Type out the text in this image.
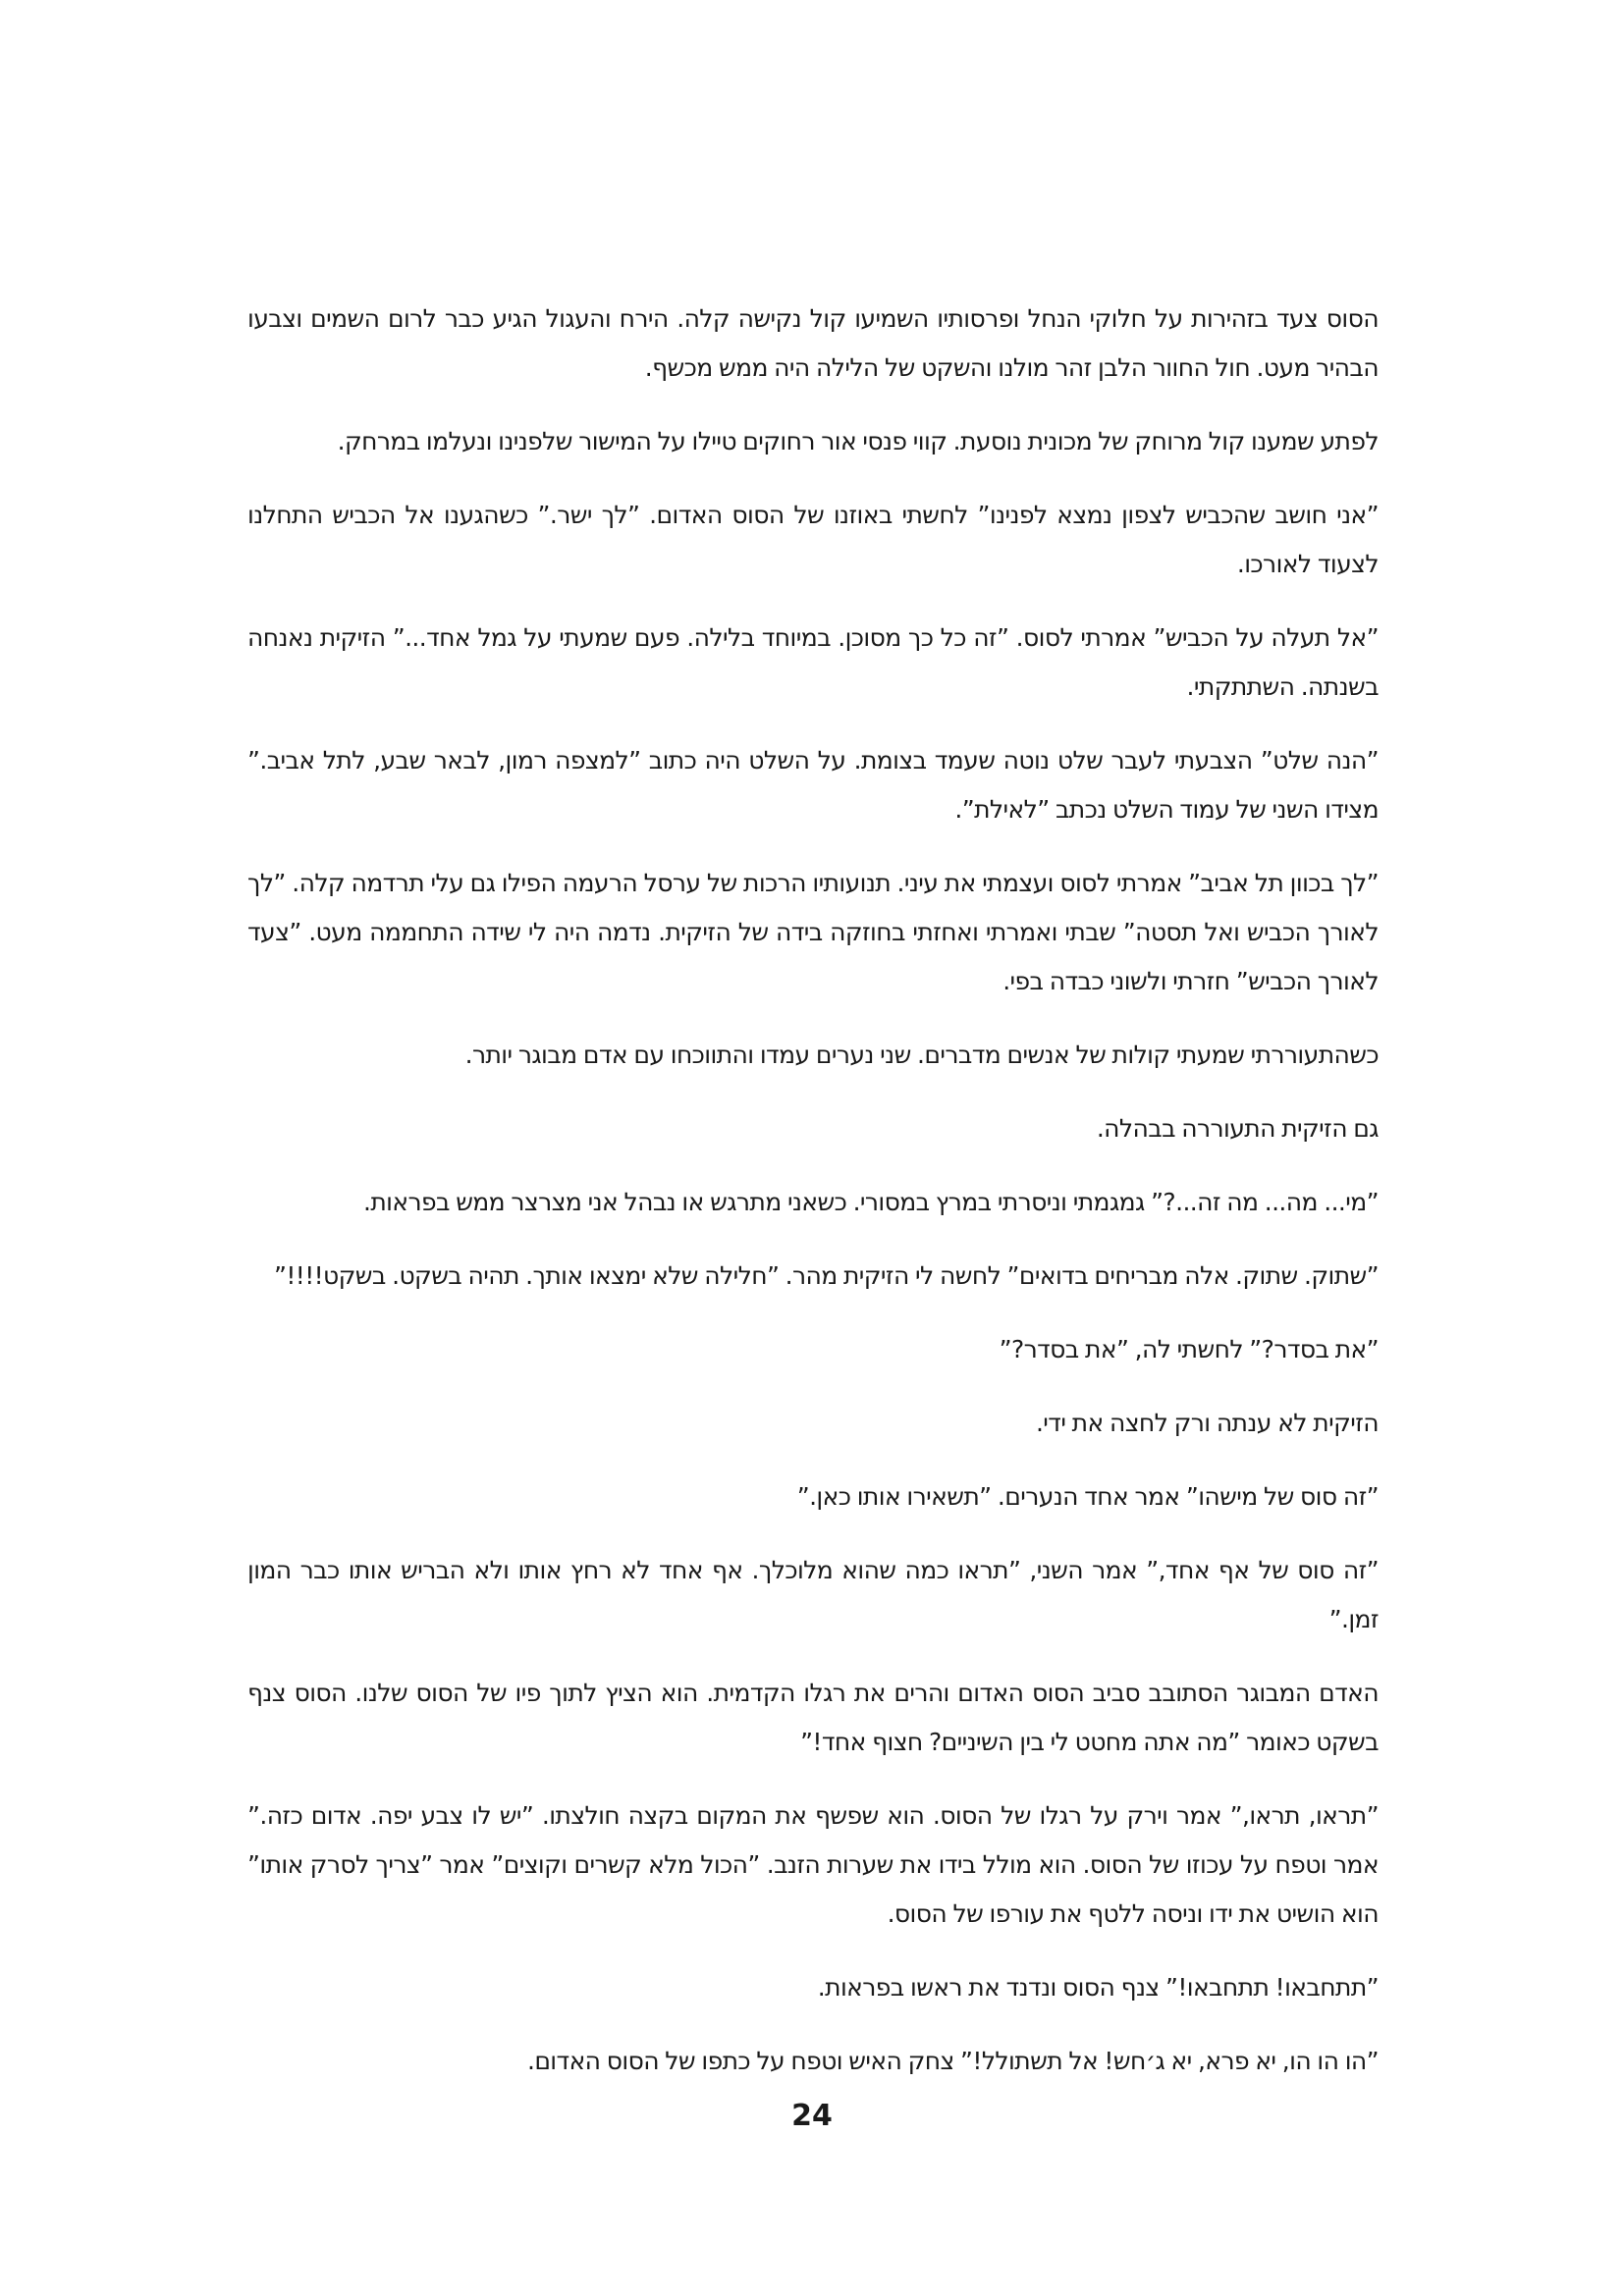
הסוס צעד בזהירות על חלוקי הנחל ופרסותיו השמיעו קול נקישה קלה. הירח והעגול הגיע כבר לרום השמים וצבעו הבהיר מעט. חול החוור הלבן זהר מולנו והשקט של הלילה היה ממש מכשף.

לפתע שמענו קול מרוחק של מכונית נוסעת. קווי פנסי אור רחוקים טיילו על המישור שלפנינו ונעלמו במרחק.

”אני חושב שהכביש לצפון נמצא לפנינו” לחשתי באוזנו של הסוס האדום. ”לך ישר.” כשהגענו אל הכביש התחלנו לצעוד לאורכו.

”אל תעלה על הכביש” אמרתי לסוס. ”זה כל כך מסוכן. במיוחד בלילה. פעם שמעתי על גמל אחד...” הזיקית נאנחה בשנתה. השתתקתי.

”הנה שלט” הצבעתי לעבר שלט נוטה שעמד בצומת. על השלט היה כתוב ”למצפה רמון, לבאר שבע, לתל אביב.” מצידו השני של עמוד השלט נכתב ”לאילת”.

”לך בכוון תל אביב” אמרתי לסוס ועצמתי את עיני. תנועותיו הרכות של ערסל הרעמה הפילו גם עלי תרדמה קלה. ”לך לאורך הכביש ואל תסטה” שבתי ואמרתי ואחזתי בחוזקה בידה של הזיקית. נדמה היה לי שידה התחממה מעט. ”צעד לאורך הכביש” חזרתי ולשוני כבדה בפי.

כשהתעוררתי שמעתי קולות של אנשים מדברים. שני נערים עמדו והתווכחו עם אדם מבוגר יותר.

גם הזיקית התעוררה בבהלה.

”מי... מה... מה זה...?” גמגמתי וניסרתי במרץ במסורי. כשאני מתרגש או נבהל אני מצרצר ממש בפראות.

”שתוק. שתוק. אלה מבריחים בדואים” לחשה לי הזיקית מהר. ”חלילה שלא ימצאו אותך. תהיה בשקט. בשקט!!!!”

”את בסדר?” לחשתי לה, ”את בסדר?”

הזיקית לא ענתה ורק לחצה את ידי.

”זה סוס של מישהו” אמר אחד הנערים. ”תשאירו אותו כאן.”

”זה סוס של אף אחד,” אמר השני, ”תראו כמה שהוא מלוכלך. אף אחד לא רחץ אותו ולא הבריש אותו כבר המון זמן.”

האדם המבוגר הסתובב סביב הסוס האדום והרים את רגלו הקדמית. הוא הציץ לתוך פיו של הסוס שלנו. הסוס צנף בשקט כאומר ”מה אתה מחטט לי בין השיניים? חצוף אחד!”

”תראו, תראו,” אמר וירק על רגלו של הסוס. הוא שפשף את המקום בקצה חולצתו. ”יש לו צבע יפה. אדום כזה.” אמר וטפח על עכוזו של הסוס. הוא מולל בידו את שערות הזנב. ”הכול מלא קשרים וקוצים” אמר ”צריך לסרק אותו” הוא הושיט את ידו וניסה ללטף את עורפו של הסוס.

”תתחבאו! תתחבאו!” צנף הסוס ונדנד את ראשו בפראות.

”הו הו הו, יא פרא, יא ג׳חש! אל תשתולל!” צחק האיש וטפח על כתפו של הסוס האדום.

24
